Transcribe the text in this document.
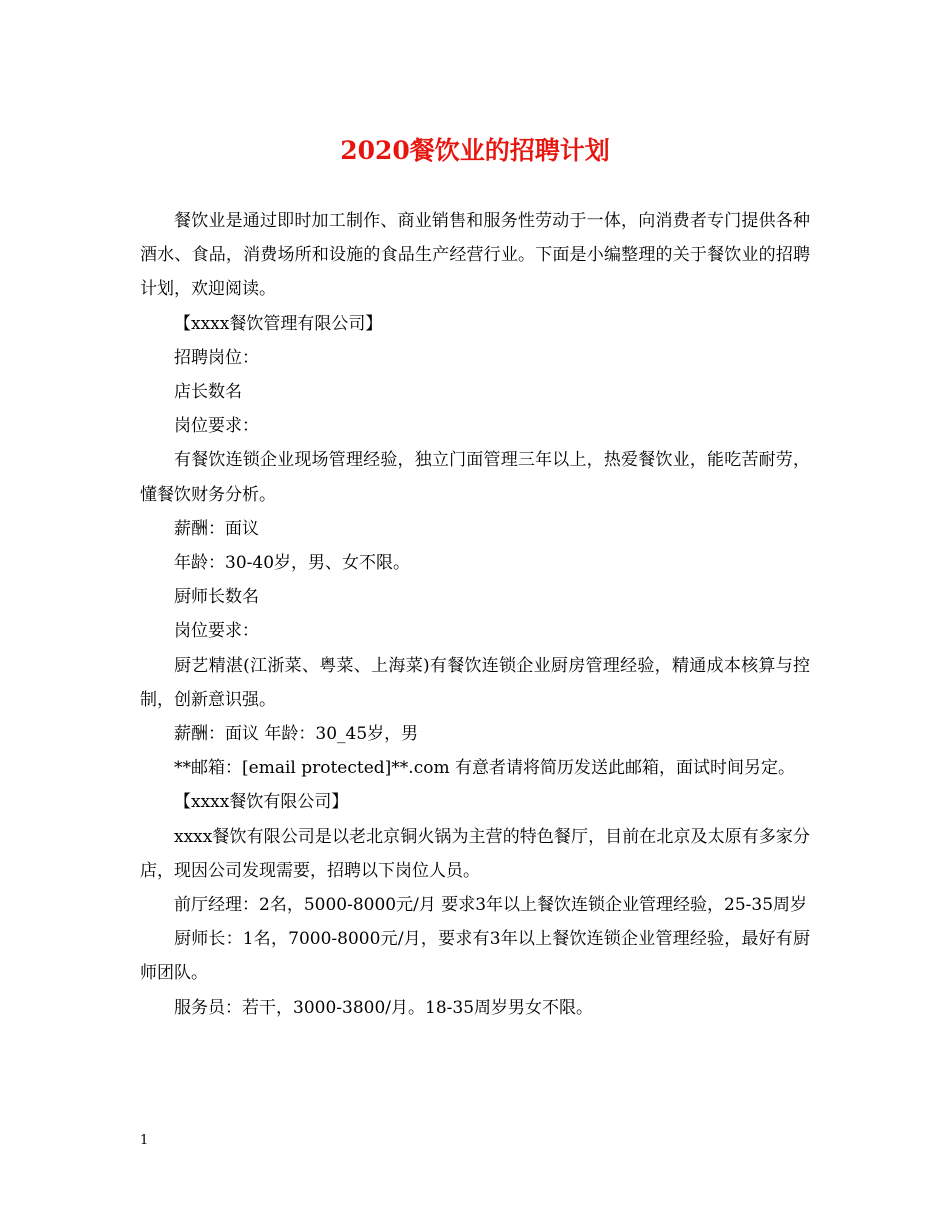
2020餐饮业的招聘计划

餐饮业是通过即时加工制作、商业销售和服务性劳动于一体，向消费者专门提供各种酒水、食品，消费场所和设施的食品生产经营行业。下面是小编整理的关于餐饮业的招聘计划，欢迎阅读。

【xxxx餐饮管理有限公司】

招聘岗位：

店长数名

岗位要求：

有餐饮连锁企业现场管理经验，独立门面管理三年以上，热爱餐饮业，能吃苦耐劳，懂餐饮财务分析。

薪酬：面议

年龄：30-40岁，男、女不限。

厨师长数名

岗位要求：

厨艺精湛(江浙菜、粤菜、上海菜)有餐饮连锁企业厨房管理经验，精通成本核算与控制，创新意识强。

薪酬：面议 年龄：30_45岁，男

**邮箱：[email protected]**.com 有意者请将简历发送此邮箱，面试时间另定。

【xxxx餐饮有限公司】

xxxx餐饮有限公司是以老北京铜火锅为主营的特色餐厅，目前在北京及太原有多家分店，现因公司发现需要，招聘以下岗位人员。

前厅经理：2名，5000-8000元/月 要求3年以上餐饮连锁企业管理经验，25-35周岁

厨师长：1名，7000-8000元/月，要求有3年以上餐饮连锁企业管理经验，最好有厨师团队。

服务员：若干，3000-3800/月。18-35周岁男女不限。

1
